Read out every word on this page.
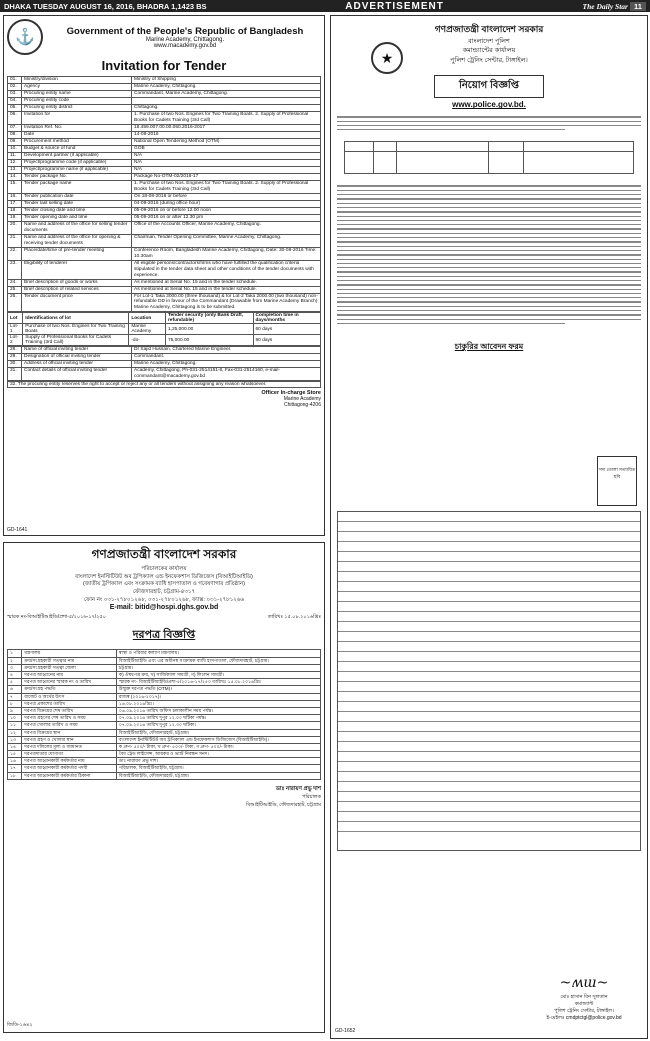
DHAKA TUESDAY AUGUST 16, 2016, BHADRA 1,1423 BS	ADVERTISEMENT	The Daily Star 11
⚓	Government of the People's Republic of Bangladesh
Marine Academy, Chittagong.
www.macademy.gov.bd
Invitation for Tender
01.	Ministry/division	Ministry of Shipping
02.	Agency	Marine Academy, Chittagong.
03.	Procuring entity name	Commandant, Marine Academy, Chittagong.
04.	Procuring entity code	
05.	Procuring entity district	Chittagong.
06.	Invitation for	1. Purchase of two Nos. Engines for Two Training Boats. 2. Supply of Professional Books for Cadets Training (3rd Call)
07.	Invitation Ref. No.	18.459.007.00.00.050.2016-2017
08.	Date	14-08-2016
09.	Procurement method	National Open Tendering Method (OTM)
10.	Budget & source of fund	GOB
11.	Development partner (if applicable)	N/A
12.	Project/programme code (if applicable)	N/A
13.	Project/programme name (if applicable)	N/A
14.	Tender package No.	Package No-OTM-02/2016-17
15.	Tender package name	1. Purchase of two Nos. Engines for Two Training Boats. 2. Supply of Professional Books for Cadets Training (3rd Call)
16.	Tender publication date	On 18-08-2016 or before
17.	Tender last selling date	04-09-2016 (during office hour)
18.	Tender closing date and time	05-09-2016 on or before 12.00 noon
19.	Tender opening date and time	05-09-2016 on or after 12.30 pm
20.	Name and address of the office for selling tender documents	Office of the Accounts Officer, Marine Academy, Chittagong.
21.	Name and address of the office for opening & receiving tender documents	Chairman, Tender Opening Committee, Marine Academy, Chittagong.
22.	Place/date/time of pre-tender meeting	Conference Room, Bangladesh Marine Academy, Chittagong, Date: 30-08-2016 Time: 10.30am
23.	Eligibility of tenderer	All eligible persons/contractors/firms who have fulfilled the qualification criteria stipulated in the tender data sheet and other conditions of the tender documents with experience.
24.	Brief description of goods or works	As mentioned at Serial No. 15 and in the tender schedule.
25.	Brief description of related services	As mentioned at Serial No. 15 and in the tender schedule.
26.	Tender document price	For Lot-1 Taka 3000.00 (three thousand) & for Lot-2 Taka 2000.00 (two thousand) non-refundable DD in favour of the Commandant (Drawable from Marine Academy Branch) Marine Academy, Chittagong is to be submitted.
Lot	Identifications of lot	Location	Tender security (only Bank Draft, refundable)	Completion time in days/months
Lot-1	Purchase of two Nos. Engines for Two Training Boats	Marine Academy	1,25,000.00	60 days
Lot-2	Supply of Professional Books for Cadets Training (3rd Call)	-do-	75,000.00	90 days
28.	Name of official inviting tender	Dr Sajid Hussain, Chartered Marine Engineer.
29.	Designation of official inviting tender	Commandant.
30.	Address of official inviting tender	Marine Academy, Chittagong.
31.	Contact details of official inviting tender	Academy, Chittagong, Ph-031-2514151-8, Fax-031-2514160, e-mail-commandant@macademy.gov.bd
32. The procuring entity reserves the right to accept or reject any or all tenders without assigning any reason whatsoever.
Officer In-charge Store
Marine Academy
Chittagong-4206
GD-1641
গণপ্রজাতন্ত্রী বাংলাদেশ সরকার
পরিচালকের কার্যালয়
বাংলাদেশ ইনস্টিটিউট অব ট্রপিক্যাল এন্ড ইনফেকশাস ডিজিজেস (বিআইটিআইডি)
(জাতীয় ট্রপিক্যাল এবং সংক্রামক ব্যাধি হাসপাতাল ও গবেষণাগার প্রতিষ্ঠান)
ফৌজদারহাট, চট্টগ্রাম-৪৩১৭
ফোন নং ০৩১-২৭৮০১২৬৮, ০৩১-২৭৮০১২৬৮, ফ্যাক্স: ০৩১-২৭৮১২৬৬
E-mail: bitid@hospi.dghs.gov.bd
স্মারক নং-বিআইটিআইডি/প্রশা-৫/২০১৬-১৭/২৫০	তারিখঃ ১৫.০৮.২০১৬খ্রিঃ
দরপত্র বিজ্ঞপ্তি
১	মন্ত্রণালয়	স্বাস্থ্য ও পরিবার কল্যাণ মন্ত্রণালয়।
২	ক্রয়/সংগ্রহকারী সত্ত্বার নাম	বিআইটিআইডি এবং এর অধীনস্থ সংক্রামক ব্যাধি হাসপাতাল, ফৌজদারহাট, চট্টগ্রাম।
৩	ক্রয়/সংগ্রহকারী সত্ত্বা জেলা	চট্টগ্রাম।
৪	দরপত্র আহ্বানের নাম	ক) ঔষধপত্র ক্রয়, খ) সার্জিক্যাল সামগ্রী, গ) লিলেন সামগ্রী।
৫	দরপত্র আহ্বানের স্মারক নং ও তারিখ	স্মারক নং- বিআইটিআইডি/প্রশা-৫/২০১৬-১৭/২৫০ তারিখঃ ১৫.০৮.২০১৬খ্রিঃ
৬	ক্রয়/সংগ্রহ পদ্ধতি	উন্মুক্ত দরপত্র পদ্ধতি (OTM)।
৭	বাজেট ও অর্থের উৎস	রাজস্ব (২০১৬-২০১৭)।
৮	দরপত্র প্রকাশের তারিখ	১৬.০৮.২০১৬খ্রিঃ।
৯	দরপত্র বিক্রয়ের শেষ তারিখ	০৬.০৯.২০১৬ তারিখ অফিস চলাকালীন সময় পর্যন্ত।
১০	দরপত্র গ্রহণের শেষ তারিখ ও সময়	০৭.০৯.২০১৬ তারিখ দুপুর ১২.০০ ঘটিকা পর্যন্ত।
১১	দরপত্র খোলার তারিখ ও সময়	০৭.০৯.২০১৬ তারিখ দুপুর ১২.৩০ ঘটিকা।
১২	দরপত্র বিক্রয়ের স্থান	বিআইটিআইডি, ফৌজদারহাট, চট্টগ্রাম।
১৩	দরপত্র গ্রহণ ও খোলার স্থান	বাংলাদেশ ইনস্টিটিউট অব ট্রপিক্যাল এন্ড ইনফেকশাস ডিজিজেস (বিআইটিআইডি)।
১৪	দরপত্র দলিলের মূল্য ও জামানত	ক গ্রুপ- ৫০০/- টাকা, খ গ্রুপ- ৫০০/- টাকা, গ গ্রুপ- ৫০০/- টাকা।
১৫	দরপত্রদাতার যোগ্যতা	বৈধ ট্রেড লাইসেন্স, আয়কর ও ভ্যাট নিবন্ধন সনদ।
১৬	দরপত্র আহ্বানকারী কর্মকর্তার নাম	ডাঃ নারায়ণ প্রভু দাশ।
১৭	দরপত্র আহ্বানকারী কর্মকর্তার পদবী	পরিচালক, বিআইটিআইডি, চট্টগ্রাম।
১৮	দরপত্র আহ্বানকারী কর্মকর্তার ঠিকানা	বিআইটিআইডি, ফৌজদারহাট, চট্টগ্রাম।
ডাঃ নারায়ণ প্রভু দাশ
পরিচালক
বিআইটিআইডি, ফৌজদারহাট, চট্টগ্রাম
জিডি-১৬৪২
★
গণপ্রজাতন্ত্রী বাংলাদেশ সরকার
বাংলাদেশ পুলিশ
কমান্ড্যান্টের কার্যালয়
পুলিশ ট্রেনিং সেন্টার, টাঙ্গাইল।
নিয়োগ বিজ্ঞপ্তি
www.police.gov.bd.

চাকুরির আবেদন ফরম
সদ্য তোলা সত্যায়িত ছবি
~ʍɯ~
মোঃ হাসান বিন সুলতান
কমান্ড্যান্ট
পুলিশ ট্রেনিং সেন্টার, টাঙ্গাইল।
ই-মেইলঃ cmdptctgl@police.gov.bd
GD-1652
